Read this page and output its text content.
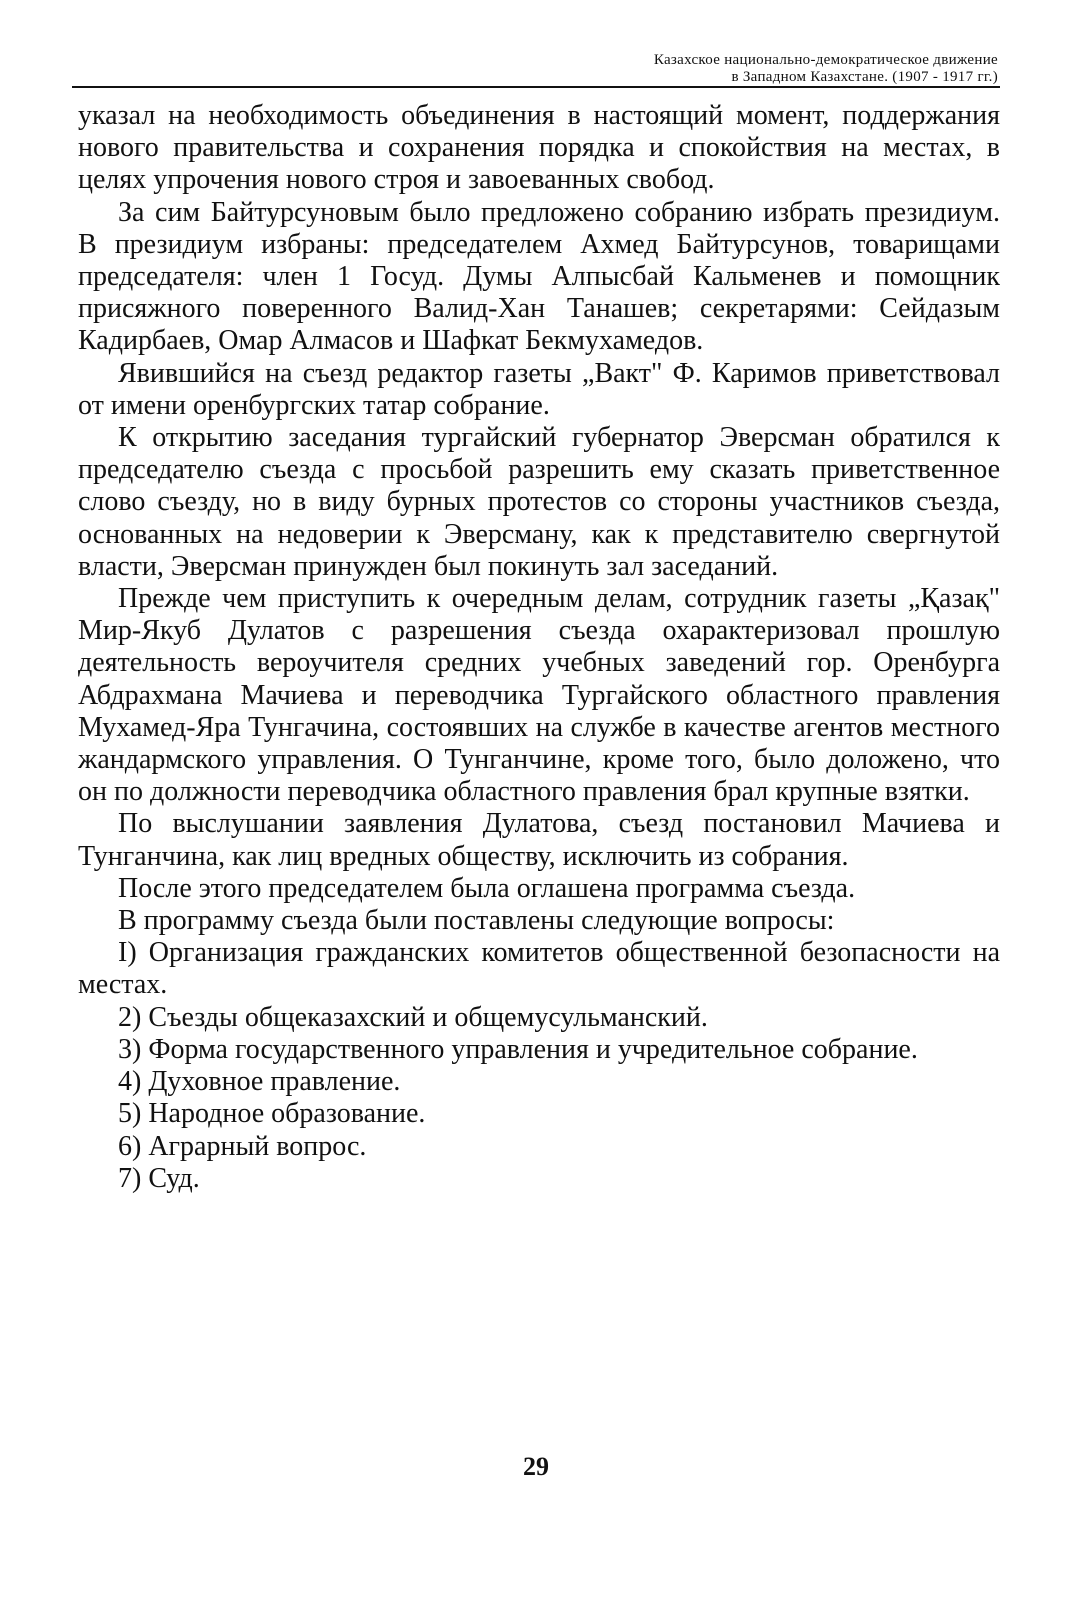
Казахское национально-демократическое движение
в Западном Казахстане. (1907 - 1917 гг.)

указал на необходимость объединения в настоящий момент, поддержания нового правительства и сохранения порядка и спокойствия на местах, в целях упрочения нового строя и завоеванных свобод.

За сим Байтурсуновым было предложено собранию избрать президиум. В президиум избраны: председателем Ахмед Байтурсунов, товарищами председателя: член 1 Госуд. Думы Алпысбай Кальменев и помощник присяжного поверенного Валид-Хан Танашев; секретарями: Сейдазым Кадирбаев, Омар Алмасов и Шафкат Бекмухамедов.

Явившийся на съезд редактор газеты „Вакт" Ф. Каримов приветствовал от имени оренбургских татар собрание.

К открытию заседания тургайский губернатор Эверсман обратился к председателю съезда с просьбой разрешить ему сказать приветственное слово съезду, но в виду бурных протестов со стороны участников съезда, основанных на недоверии к Эверсману, как к представителю свергнутой власти, Эверсман принужден был покинуть зал заседаний.

Прежде чем приступить к очередным делам, сотрудник газеты „Қазақ" Мир-Якуб Дулатов с разрешения съезда охарактеризовал прошлую деятельность вероучителя средних учебных заведений гор. Оренбурга Абдрахмана Мачиева и переводчика Тургайского областного правления Мухамед-Яра Тунгачина, состоявших на службе в качестве агентов местного жандармского управления. О Тунганчине, кроме того, было доложено, что он по должности переводчика областного правления брал крупные взятки.

По выслушании заявления Дулатова, съезд постановил Мачиева и Тунганчина, как лиц вредных обществу, исключить из собрания.

После этого председателем была оглашена программа съезда.

В программу съезда были поставлены следующие вопросы:

I) Организация гражданских комитетов общественной безопасности на местах.

2) Съезды общеказахский и общемусульманский.

3) Форма государственного управления и учредительное собрание.

4) Духовное правление.

5) Народное образование.

6) Аграрный вопрос.

7) Суд.

29
